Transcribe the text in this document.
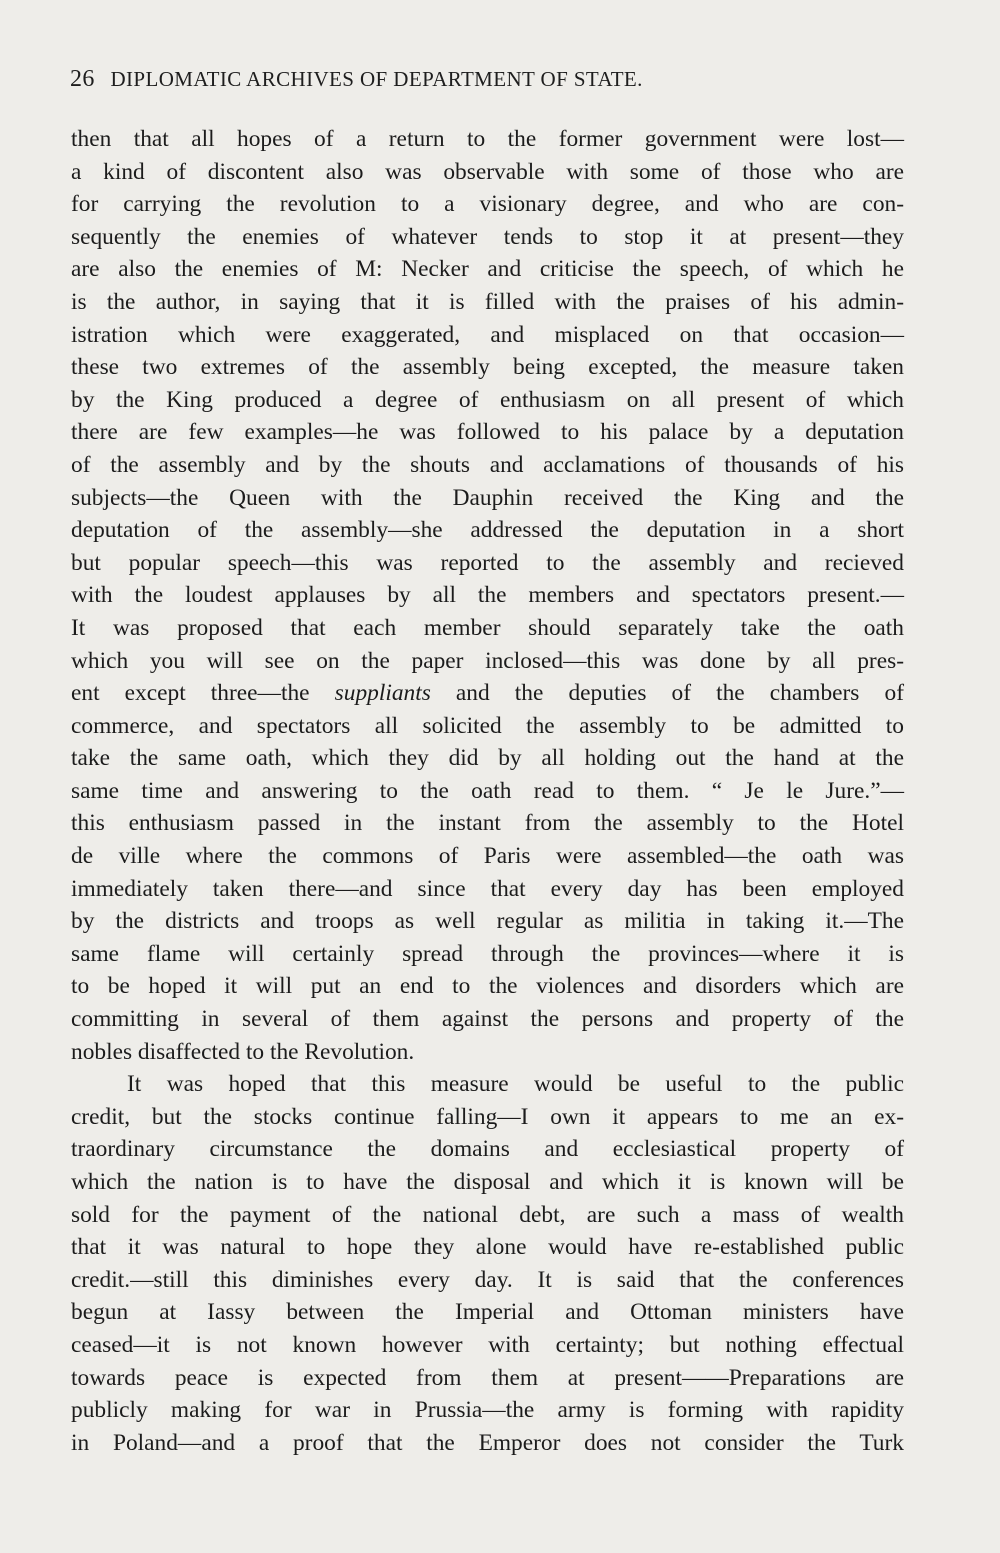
26 DIPLOMATIC ARCHIVES OF DEPARTMENT OF STATE.
then that all hopes of a return to the former government were lost—
a kind of discontent also was observable with some of those who are
for carrying the revolution to a visionary degree, and who are con-
sequently the enemies of whatever tends to stop it at present—they
are also the enemies of M: Necker and criticise the speech, of which he
is the author, in saying that it is filled with the praises of his admin-
istration which were exaggerated, and misplaced on that occasion—
these two extremes of the assembly being excepted, the measure taken
by the King produced a degree of enthusiasm on all present of which
there are few examples—he was followed to his palace by a deputation
of the assembly and by the shouts and acclamations of thousands of his
subjects—the Queen with the Dauphin received the King and the
deputation of the assembly—she addressed the deputation in a short
but popular speech—this was reported to the assembly and recieved
with the loudest applauses by all the members and spectators present.—
It was proposed that each member should separately take the oath
which you will see on the paper inclosed—this was done by all pres-
ent except three—the suppliants and the deputies of the chambers of
commerce, and spectators all solicited the assembly to be admitted to
take the same oath, which they did by all holding out the hand at the
same time and answering to the oath read to them. “ Je le Jure.”—
this enthusiasm passed in the instant from the assembly to the Hotel
de ville where the commons of Paris were assembled—the oath was
immediately taken there—and since that every day has been employed
by the districts and troops as well regular as militia in taking it.—The
same flame will certainly spread through the provinces—where it is
to be hoped it will put an end to the violences and disorders which are
committing in several of them against the persons and property of the
nobles disaffected to the Revolution.
It was hoped that this measure would be useful to the public
credit, but the stocks continue falling—I own it appears to me an ex-
traordinary circumstance the domains and ecclesiastical property of
which the nation is to have the disposal and which it is known will be
sold for the payment of the national debt, are such a mass of wealth
that it was natural to hope they alone would have re-established public
credit.—still this diminishes every day. It is said that the conferences
begun at Iassy between the Imperial and Ottoman ministers have
ceased—it is not known however with certainty; but nothing effectual
towards peace is expected from them at present——Preparations are
publicly making for war in Prussia—the army is forming with rapidity
in Poland—and a proof that the Emperor does not consider the Turk
